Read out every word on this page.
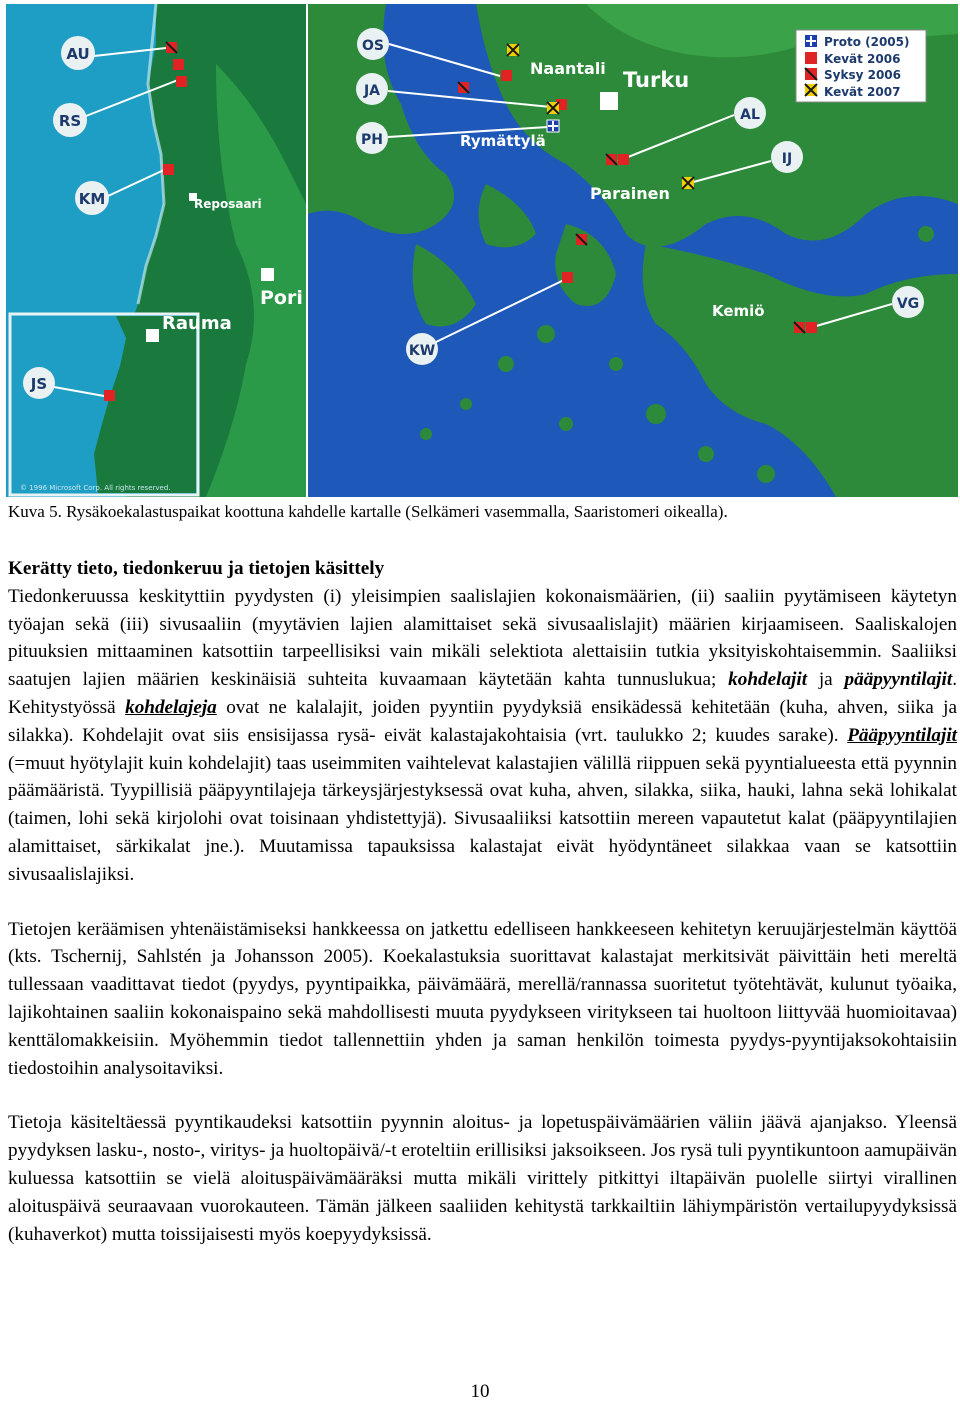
© 1996 Microsoft Corp. All rights reserved.
AU
RS
KM
JS
Reposaari
Pori
Rauma
OS
JA
PH
KW
AL
IJ
VG
Naantali Turku
Rymättylä
Parainen
Kemiö
Proto (2005)
Kevät 2006
Syksy 2006
Kevät 2007
Kuva 5. Rysäkoekalastuspaikat koottuna kahdelle kartalle (Selkämeri vasemmalla, Saaristomeri oikealla).
Kerätty tieto, tiedonkeruu ja tietojen käsittely

Tiedonkeruussa keskityttiin pyydysten (i) yleisimpien saalislajien kokonaismäärien, (ii) saaliin pyytämiseen käytetyn työajan sekä (iii) sivusaaliin (myytävien lajien alamittaiset sekä sivusaalislajit) määrien kirjaamiseen. Saaliskalojen pituuksien mittaaminen katsottiin tarpeellisiksi vain mikäli selektiota alettaisiin tutkia yksityiskohtaisemmin. Saaliiksi saatujen lajien määrien keskinäisiä suhteita kuvaamaan käytetään kahta tunnuslukua; kohdelajit ja pääpyyntilajit. Kehitystyössä kohdelajeja ovat ne kalalajit, joiden pyyntiin pyydyksiä ensikädessä kehitetään (kuha, ahven, siika ja silakka). Kohdelajit ovat siis ensisijassa rysä- eivät kalastajakohtaisia (vrt. taulukko 2; kuudes sarake). Pääpyyntilajit (=muut hyötylajit kuin kohdelajit) taas useimmiten vaihtelevat kalastajien välillä riippuen sekä pyyntialueesta että pyynnin päämääristä. Tyypillisiä pääpyyntilajeja tärkeysjärjestyksessä ovat kuha, ahven, silakka, siika, hauki, lahna sekä lohikalat (taimen, lohi sekä kirjolohi ovat toisinaan yhdistettyjä). Sivusaaliiksi katsottiin mereen vapautetut kalat (pääpyyntilajien alamittaiset, särkikalat jne.). Muutamissa tapauksissa kalastajat eivät hyödyntäneet silakkaa vaan se katsottiin sivusaalislajiksi.

Tietojen keräämisen yhtenäistämiseksi hankkeessa on jatkettu edelliseen hankkeeseen kehitetyn keruujärjestelmän käyttöä (kts. Tschernij, Sahlstén ja Johansson 2005). Koekalastuksia suorittavat kalastajat merkitsivät päivittäin heti mereltä tullessaan vaadittavat tiedot (pyydys, pyyntipaikka, päivämäärä, merellä/rannassa suoritetut työtehtävät, kulunut työaika, lajikohtainen saaliin kokonaispaino sekä mahdollisesti muuta pyydykseen viritykseen tai huoltoon liittyvää huomioitavaa) kenttälomakkeisiin. Myöhemmin tiedot tallennettiin yhden ja saman henkilön toimesta pyydys-pyyntijaksokohtaisiin tiedostoihin analysoitaviksi.

Tietoja käsiteltäessä pyyntikaudeksi katsottiin pyynnin aloitus- ja lopetuspäivämäärien väliin jäävä ajanjakso. Yleensä pyydyksen lasku-, nosto-, viritys- ja huoltopäivä/-t eroteltiin erillisiksi jaksoikseen. Jos rysä tuli pyyntikuntoon aamupäivän kuluessa katsottiin se vielä aloituspäivämääräksi mutta mikäli virittely pitkittyi iltapäivän puolelle siirtyi virallinen aloituspäivä seuraavaan vuorokauteen. Tämän jälkeen saaliiden kehitystä tarkkailtiin lähiympäristön vertailupyydyksissä (kuhaverkot) mutta toissijaisesti myös koepyydyksissä.

10
